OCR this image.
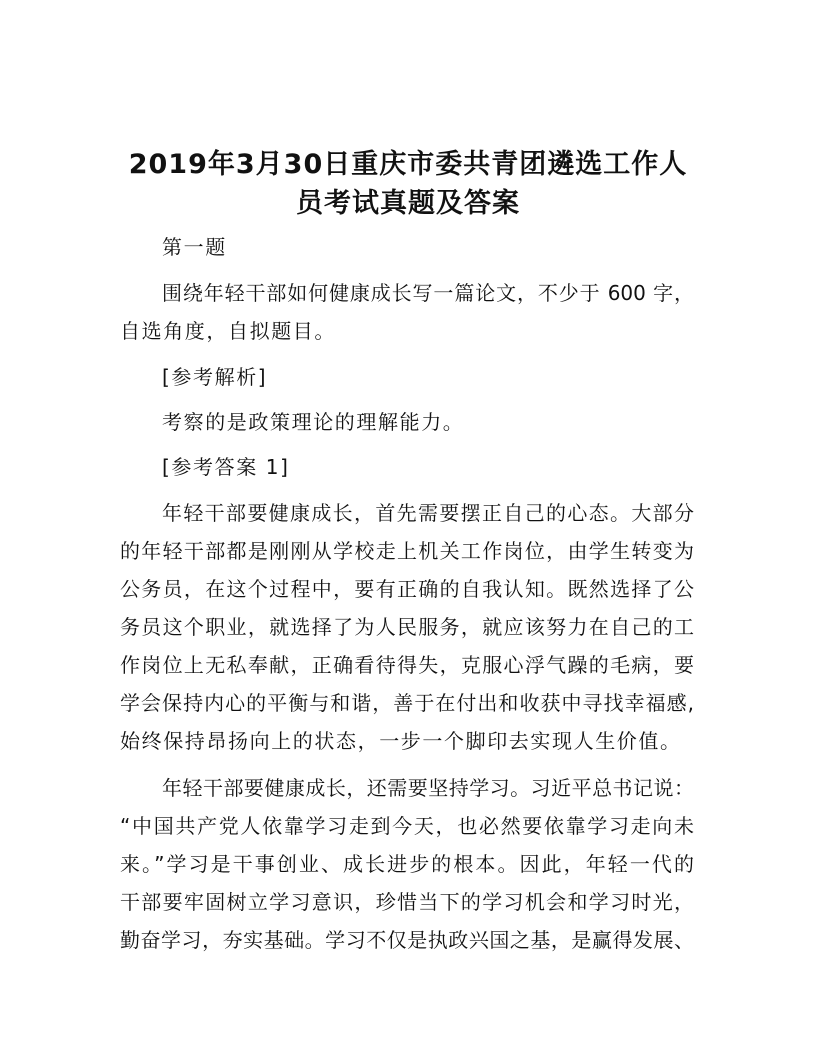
2019年3月30日重庆市委共青团遴选工作人
员考试真题及答案
第一题
围绕年轻干部如何健康成长写一篇论文，不少于 600 字，
自选角度，自拟题目。
[参考解析]
考察的是政策理论的理解能力。
[参考答案 1]
年轻干部要健康成长，首先需要摆正自己的心态。大部分
的年轻干部都是刚刚从学校走上机关工作岗位，由学生转变为
公务员，在这个过程中，要有正确的自我认知。既然选择了公
务员这个职业，就选择了为人民服务，就应该努力在自己的工
作岗位上无私奉献，正确看待得失，克服心浮气躁的毛病，要
学会保持内心的平衡与和谐，善于在付出和收获中寻找幸福感,
始终保持昂扬向上的状态，一步一个脚印去实现人生价值。
年轻干部要健康成长，还需要坚持学习。习近平总书记说：
“中国共产党人依靠学习走到今天，也必然要依靠学习走向未
来。”学习是干事创业、成长进步的根本。因此，年轻一代的
干部要牢固树立学习意识，珍惜当下的学习机会和学习时光，
勤奋学习，夯实基础。学习不仅是执政兴国之基，是赢得发展、
